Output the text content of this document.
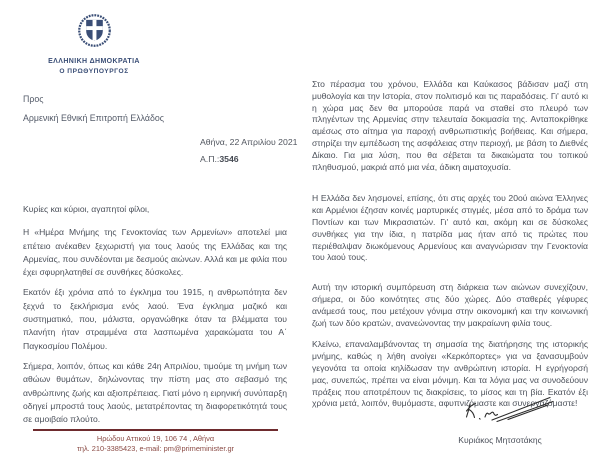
ΕΛΛΗΝΙΚΗ ΔΗΜΟΚΡΑΤΙΑ
Ο ΠΡΩΘΥΠΟΥΡΓΟΣ

Προς

Αρμενική Εθνική Επιτροπή Ελλάδος

Αθήνα, 22 Απριλίου 2021

Α.Π.:3546

Κυρίες και κύριοι, αγαπητοί φίλοι,

Η «Ημέρα Μνήμης της Γενοκτονίας των Αρμενίων» αποτελεί μια επέτειο ανέκαθεν ξεχωριστή για τους λαούς της Ελλάδας και της Αρμενίας, που συνδέονται με δεσμούς αιώνων. Αλλά και με φιλία που έχει σφυρηλατηθεί σε συνθήκες δύσκολες.

Εκατόν έξι χρόνια από το έγκλημα του 1915, η ανθρωπότητα δεν ξεχνά το ξεκλήρισμα ενός λαού. Ένα έγκλημα μαζικό και συστηματικό, που, μάλιστα, οργανώθηκε όταν τα βλέμματα του πλανήτη ήταν στραμμένα στα λασπωμένα χαρακώματα του Α΄ Παγκοσμίου Πολέμου.

Σήμερα, λοιπόν, όπως και κάθε 24η Απριλίου, τιμούμε τη μνήμη των αθώων θυμάτων, δηλώνοντας την πίστη μας στο σεβασμό της ανθρώπινης ζωής και αξιοπρέπειας. Γιατί μόνο η ειρηνική συνύπαρξη οδηγεί μπροστά τους λαούς, μετατρέποντας τη διαφορετικότητά τους σε αμοιβαίο πλούτο.

Στο πέρασμα του χρόνου, Ελλάδα και Καύκασος βάδισαν μαζί στη μυθολογία και την Ιστορία, στον πολιτισμό και τις παραδόσεις. Γι' αυτό κι η χώρα μας δεν θα μπορούσε παρά να σταθεί στο πλευρό των πληγέντων της Αρμενίας στην τελευταία δοκιμασία της. Ανταποκρίθηκε αμέσως στο αίτημα για παροχή ανθρωπιστικής βοήθειας. Και σήμερα, στηρίζει την εμπέδωση της ασφάλειας στην περιοχή, με βάση το Διεθνές Δίκαιο. Για μια λύση, που θα σέβεται τα δικαιώματα του τοπικού πληθυσμού, μακριά από μια νέα, άδικη αιματοχυσία.

Η Ελλάδα δεν λησμονεί, επίσης, ότι στις αρχές του 20ού αιώνα Έλληνες και Αρμένιοι έζησαν κοινές μαρτυρικές στιγμές, μέσα από το δράμα των Ποντίων και των Μικρασιατών. Γι' αυτό και, ακόμη και σε δύσκολες συνθήκες για την ίδια, η πατρίδα μας ήταν από τις πρώτες που περιέθαλψαν διωκόμενους Αρμενίους και αναγνώρισαν την Γενοκτονία του λαού τους.

Αυτή την ιστορική συμπόρευση στη διάρκεια των αιώνων συνεχίζουν, σήμερα, οι δύο κοινότητες στις δύο χώρες. Δύο σταθερές γέφυρες ανάμεσά τους, που μετέχουν γόνιμα στην οικονομική και την κοινωνική ζωή των δύο κρατών, ανανεώνοντας την μακραίωνη φιλία τους.

Κλείνω, επαναλαμβάνοντας τη σημασία της διατήρησης της ιστορικής μνήμης, καθώς η λήθη ανοίγει «Κερκόπορτες» για να ξανασυμβούν γεγονότα τα οποία κηλίδωσαν την ανθρώπινη ιστορία. Η εγρήγορσή μας, συνεπώς, πρέπει να είναι μόνιμη. Και τα λόγια μας να συνοδεύουν πράξεις που αποτρέπουν τις διακρίσεις, το μίσος και τη βία. Εκατόν έξι χρόνια μετά, λοιπόν, θυμόμαστε, αφυπνιζόμαστε και συνεργαζόμαστε!

Κυριάκος Μητσοτάκης

Ηρώδου Αττικού 19, 106 74 , Αθήνα

τηλ. 210-3385423, e-mail: pm@primeminister.gr
